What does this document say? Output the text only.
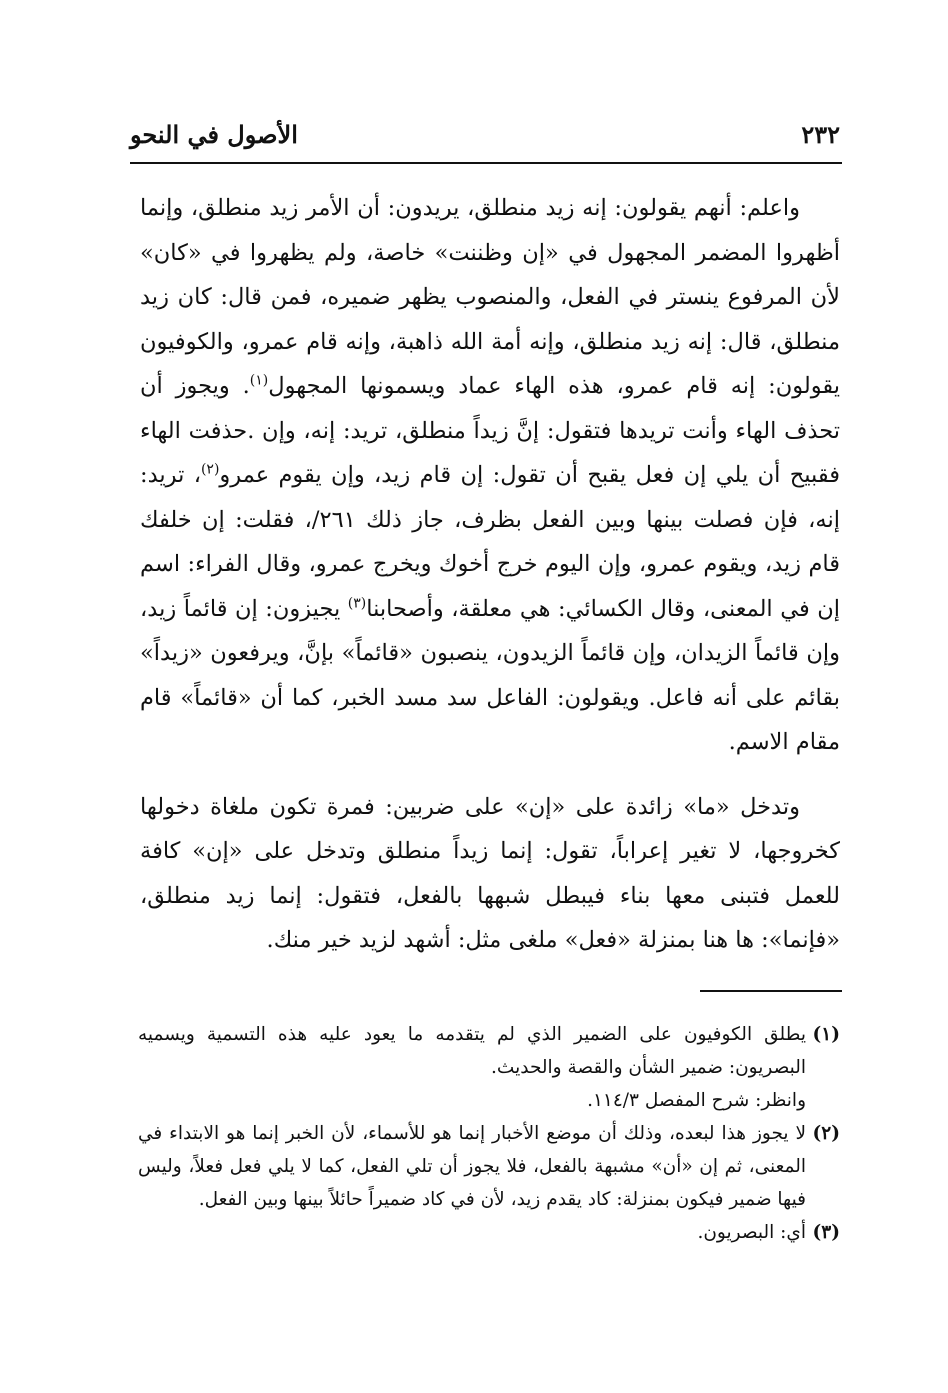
٢٣٢
الأصول في النحو

واعلم: أنهم يقولون: إنه زيد منطلق، يريدون: أن الأمر زيد منطلق، وإنما أظهروا المضمر المجهول في «إن وظننت» خاصة، ولم يظهروا في «كان» لأن المرفوع ينستر في الفعل، والمنصوب يظهر ضميره، فمن قال: كان زيد منطلق، قال: إنه زيد منطلق، وإنه أمة الله ذاهبة، وإنه قام عمرو، والكوفيون يقولون: إنه قام عمرو، هذه الهاء عماد ويسمونها المجهول$^{(١)}$. ويجوز أن تحذف الهاء وأنت تريدها فتقول: إنَّ زيداً منطلق، تريد: إنه، وإن .حذفت الهاء فقبيح أن يلي إن فعل يقبح أن تقول: إن قام زيد، وإن يقوم عمرو$^{(٢)}$، تريد: إنه، فإن فصلت بينها وبين الفعل بظرف، جاز ذلك ٢٦١/، فقلت: إن خلفك قام زيد، ويقوم عمرو، وإن اليوم خرج أخوك ويخرج عمرو، وقال الفراء: اسم إن في المعنى، وقال الكسائي: هي معلقة، وأصحابنا$^{(٣)}$ يجيزون: إن قائماً زيد، وإن قائماً الزيدان، وإن قائماً الزيدون، ينصبون «قائماً» بإنَّ، ويرفعون «زيداً» بقائم على أنه فاعل. ويقولون: الفاعل سد مسد الخبر، كما أن «قائماً» قام مقام الاسم.

وتدخل «ما» زائدة على «إن» على ضربين: فمرة تكون ملغاة دخولها كخروجها، لا تغير إعراباً، تقول: إنما زيداً منطلق وتدخل على «إن» كافة للعمل فتبنى معها بناء فيبطل شبهها بالفعل، فتقول: إنما زيد منطلق، «فإنما»: ها هنا بمنزلة «فعل» ملغى مثل: أشهد لزيد خير منك.

(١)يطلق الكوفيون على الضمير الذي لم يتقدمه ما يعود عليه هذه التسمية ويسميه البصريون: ضمير الشأن والقصة والحديث.

وانظر: شرح المفصل ١١٤/٣.

(٢)لا يجوز هذا لبعده، وذلك أن موضع الأخبار إنما هو للأسماء، لأن الخبر إنما هو الابتداء في المعنى، ثم إن «أن» مشبهة بالفعل، فلا يجوز أن تلي الفعل، كما لا يلي فعل فعلاً، وليس فيها ضمير فيكون بمنزلة: كاد يقدم زيد، لأن في كاد ضميراً حائلاً بينها وبين الفعل.

(٣)أي: البصريون.
